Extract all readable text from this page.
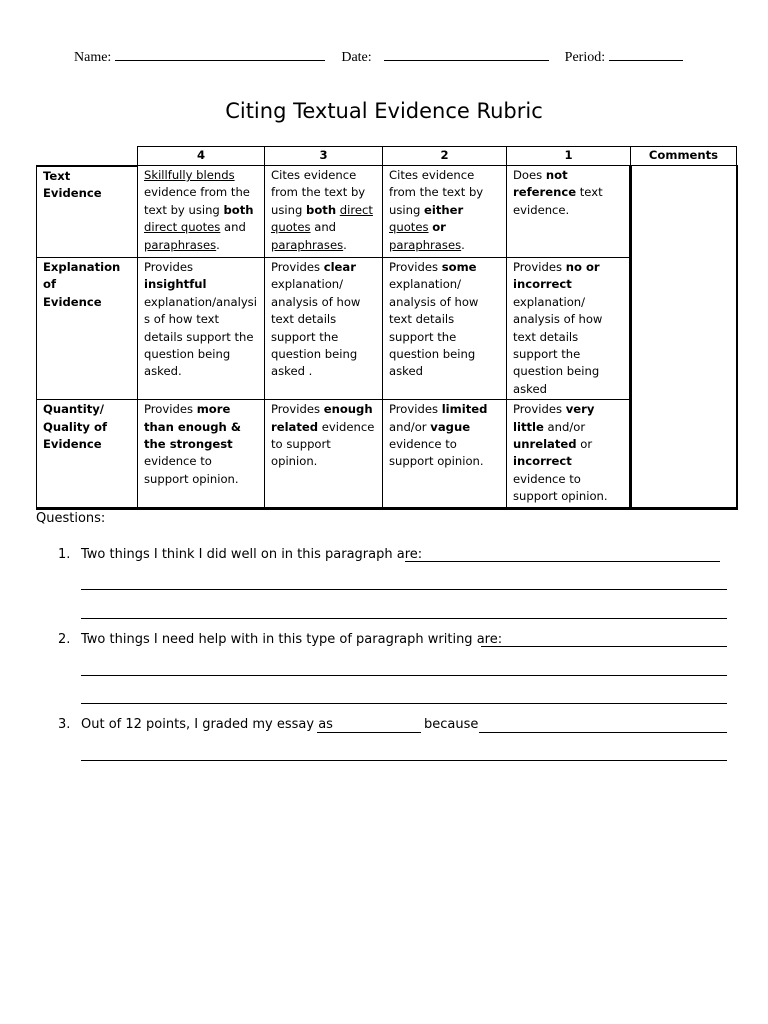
Name:	Date:	Period:
Citing Textual Evidence Rubric
	4	3	2	1	Comments
Text
Evidence	Skillfully blends evidence from the text by using both direct quotes and paraphrases.	Cites evidence from the text by using both direct quotes and paraphrases.	Cites evidence from the text by using either quotes or paraphrases.	Does not reference text evidence.	
Explanation of
Evidence	Provides insightful explanation/analysi s of how text details support the question being asked.	Provides clear explanation/ analysis of how text details support the question being asked .	Provides some explanation/ analysis of how text details support the question being asked	Provides no or incorrect explanation/ analysis of how text details support the question being asked	
Quantity/
Quality of
Evidence	Provides more than enough & the strongest evidence to support opinion.	Provides enough related evidence to support opinion.	Provides limited and/or vague evidence to support opinion.	Provides very little and/or unrelated or incorrect evidence to support opinion.	
Questions:
1. Two things I think I did well on in this paragraph are:
2. Two things I need help with in this type of paragraph writing are:
3. Out of 12 points, I graded my essay as	because
